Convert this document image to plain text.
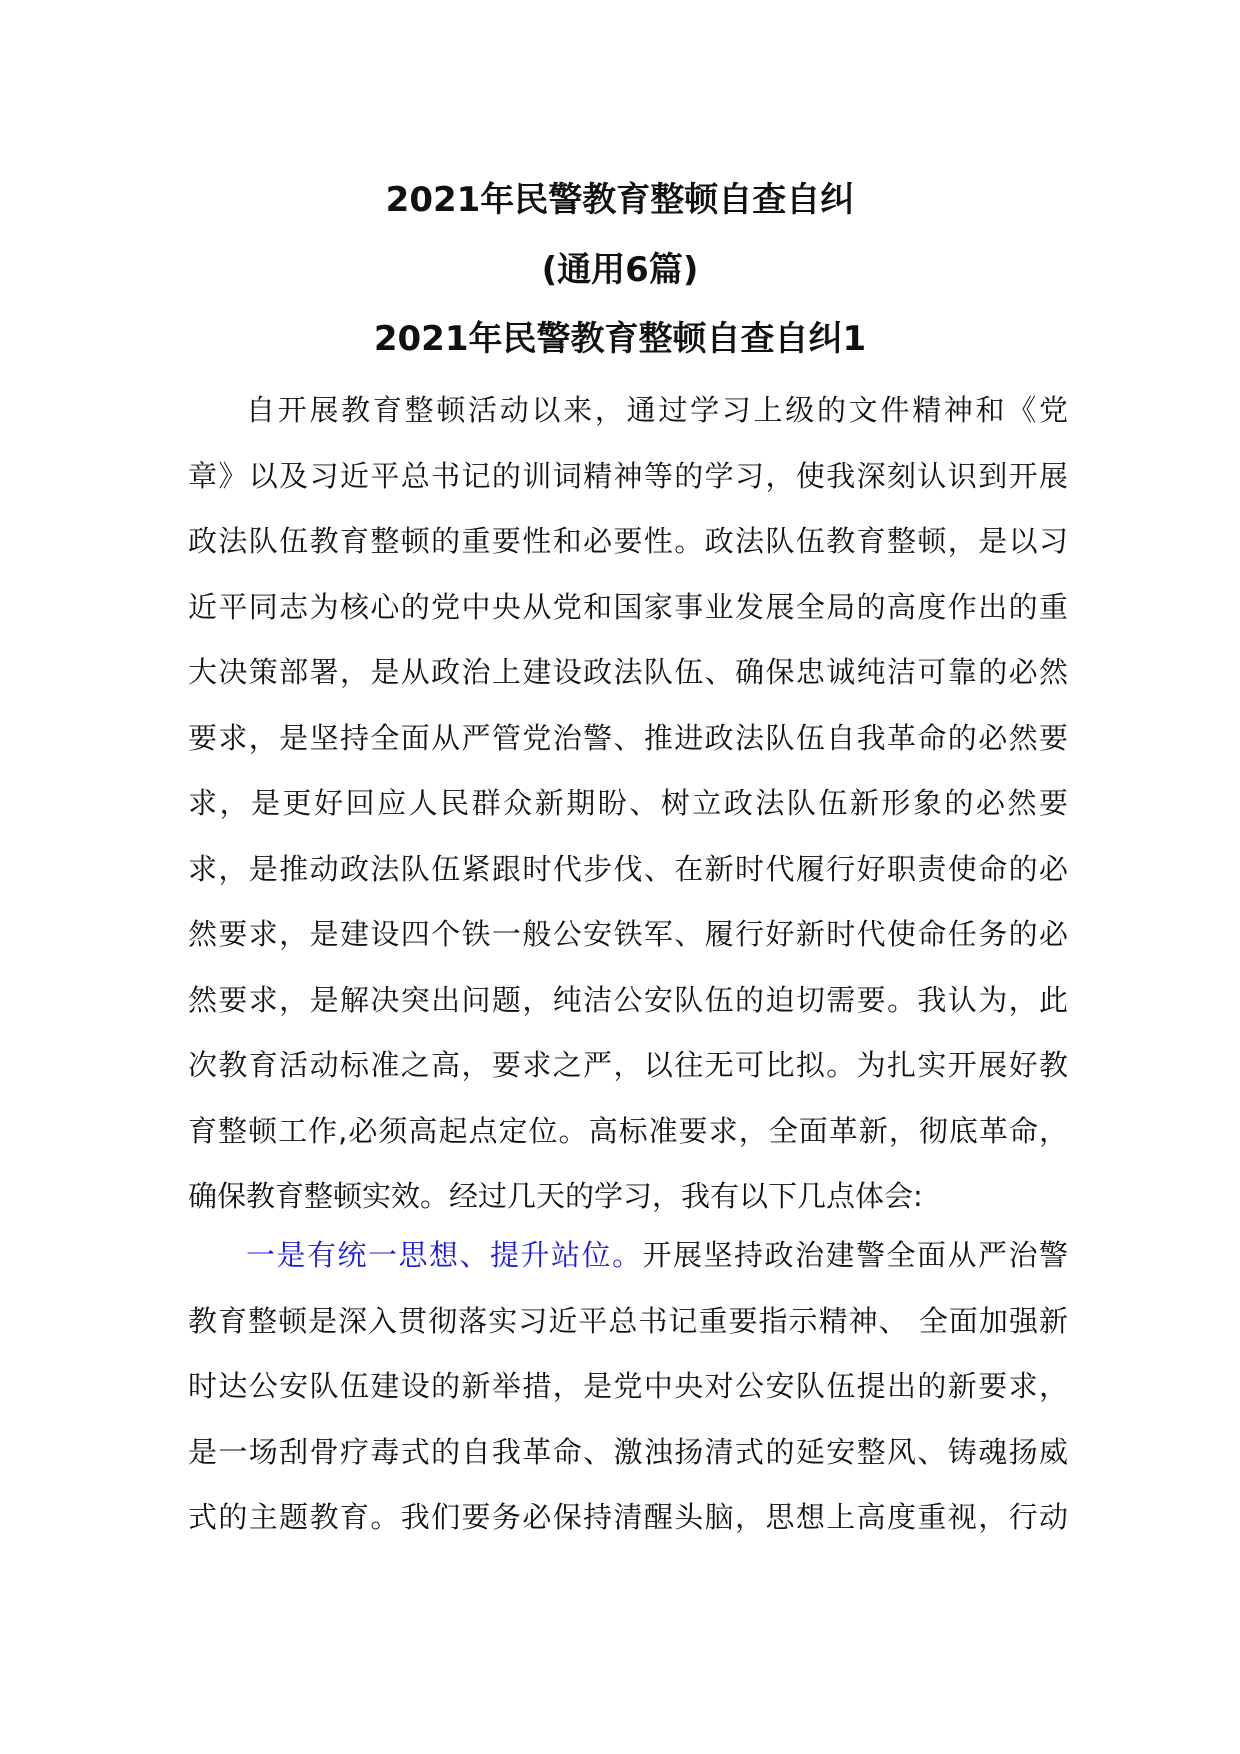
2021年民警教育整顿自查自纠
(通用6篇)
2021年民警教育整顿自查自纠1
自开展教育整顿活动以来，通过学习上级的文件精神和《党
章》以及习近平总书记的训词精神等的学习，使我深刻认识到开展
政法队伍教育整顿的重要性和必要性。政法队伍教育整顿，是以习
近平同志为核心的党中央从党和国家事业发展全局的高度作出的重
大决策部署，是从政治上建设政法队伍、确保忠诚纯洁可靠的必然
要求，是坚持全面从严管党治警、推进政法队伍自我革命的必然要
求，是更好回应人民群众新期盼、树立政法队伍新形象的必然要
求，是推动政法队伍紧跟时代步伐、在新时代履行好职责使命的必
然要求，是建设四个铁一般公安铁军、履行好新时代使命任务的必
然要求，是解决突出问题，纯洁公安队伍的迫切需要。我认为，此
次教育活动标准之高，要求之严，以往无可比拟。为扎实开展好教
育整顿工作,必须高起点定位。高标准要求，全面革新，彻底革命，
确保教育整顿实效。经过几天的学习，我有以下几点体会:
一是有统一思想、提升站位。开展坚持政治建警全面从严治警
教育整顿是深入贯彻落实习近平总书记重要指示精神、 全面加强新
时达公安队伍建设的新举措，是党中央对公安队伍提出的新要求，
是一场刮骨疗毒式的自我革命、激浊扬清式的延安整风、铸魂扬威
式的主题教育。我们要务必保持清醒头脑，思想上高度重视，行动
